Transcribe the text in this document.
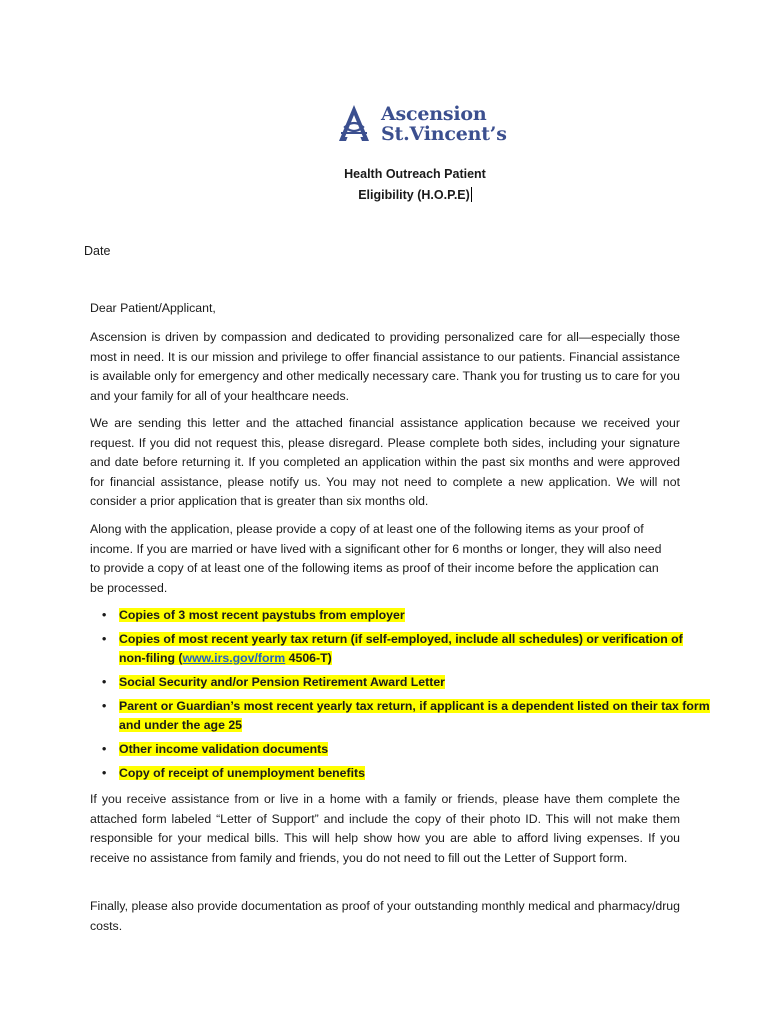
Ascension
St.Vincent’s
Health Outreach Patient
Eligibility (H.O.P.E)
Date
Dear Patient/Applicant,
Ascension is driven by compassion and dedicated to providing personalized care for all—especially those most in need. It is our mission and privilege to offer financial assistance to our patients. Financial assistance is available only for emergency and other medically necessary care. Thank you for trusting us to care for you and your family for all of your healthcare needs.
We are sending this letter and the attached financial assistance application because we received your request. If you did not request this, please disregard. Please complete both sides, including your signature and date before returning it. If you completed an application within the past six months and were approved for financial assistance, please notify us. You may not need to complete a new application. We will not consider a prior application that is greater than six months old.
Along with the application, please provide a copy of at least one of the following items as your proof of income. If you are married or have lived with a significant other for 6 months or longer, they will also need to provide a copy of at least one of the following items as proof of their income before the application can be processed.
• Copies of 3 most recent paystubs from employer
• Copies of most recent yearly tax return (if self-employed, include all schedules) or verification of non-filing (www.irs.gov/form 4506-T)
• Social Security and/or Pension Retirement Award Letter
• Parent or Guardian’s most recent yearly tax return, if applicant is a dependent listed on their tax form and under the age 25
• Other income validation documents
• Copy of receipt of unemployment benefits
If you receive assistance from or live in a home with a family or friends, please have them complete the attached form labeled “Letter of Support” and include the copy of their photo ID. This will not make them responsible for your medical bills. This will help show how you are able to afford living expenses. If you receive no assistance from family and friends, you do not need to fill out the Letter of Support form.
Finally, please also provide documentation as proof of your outstanding monthly medical and pharmacy/drug costs.
